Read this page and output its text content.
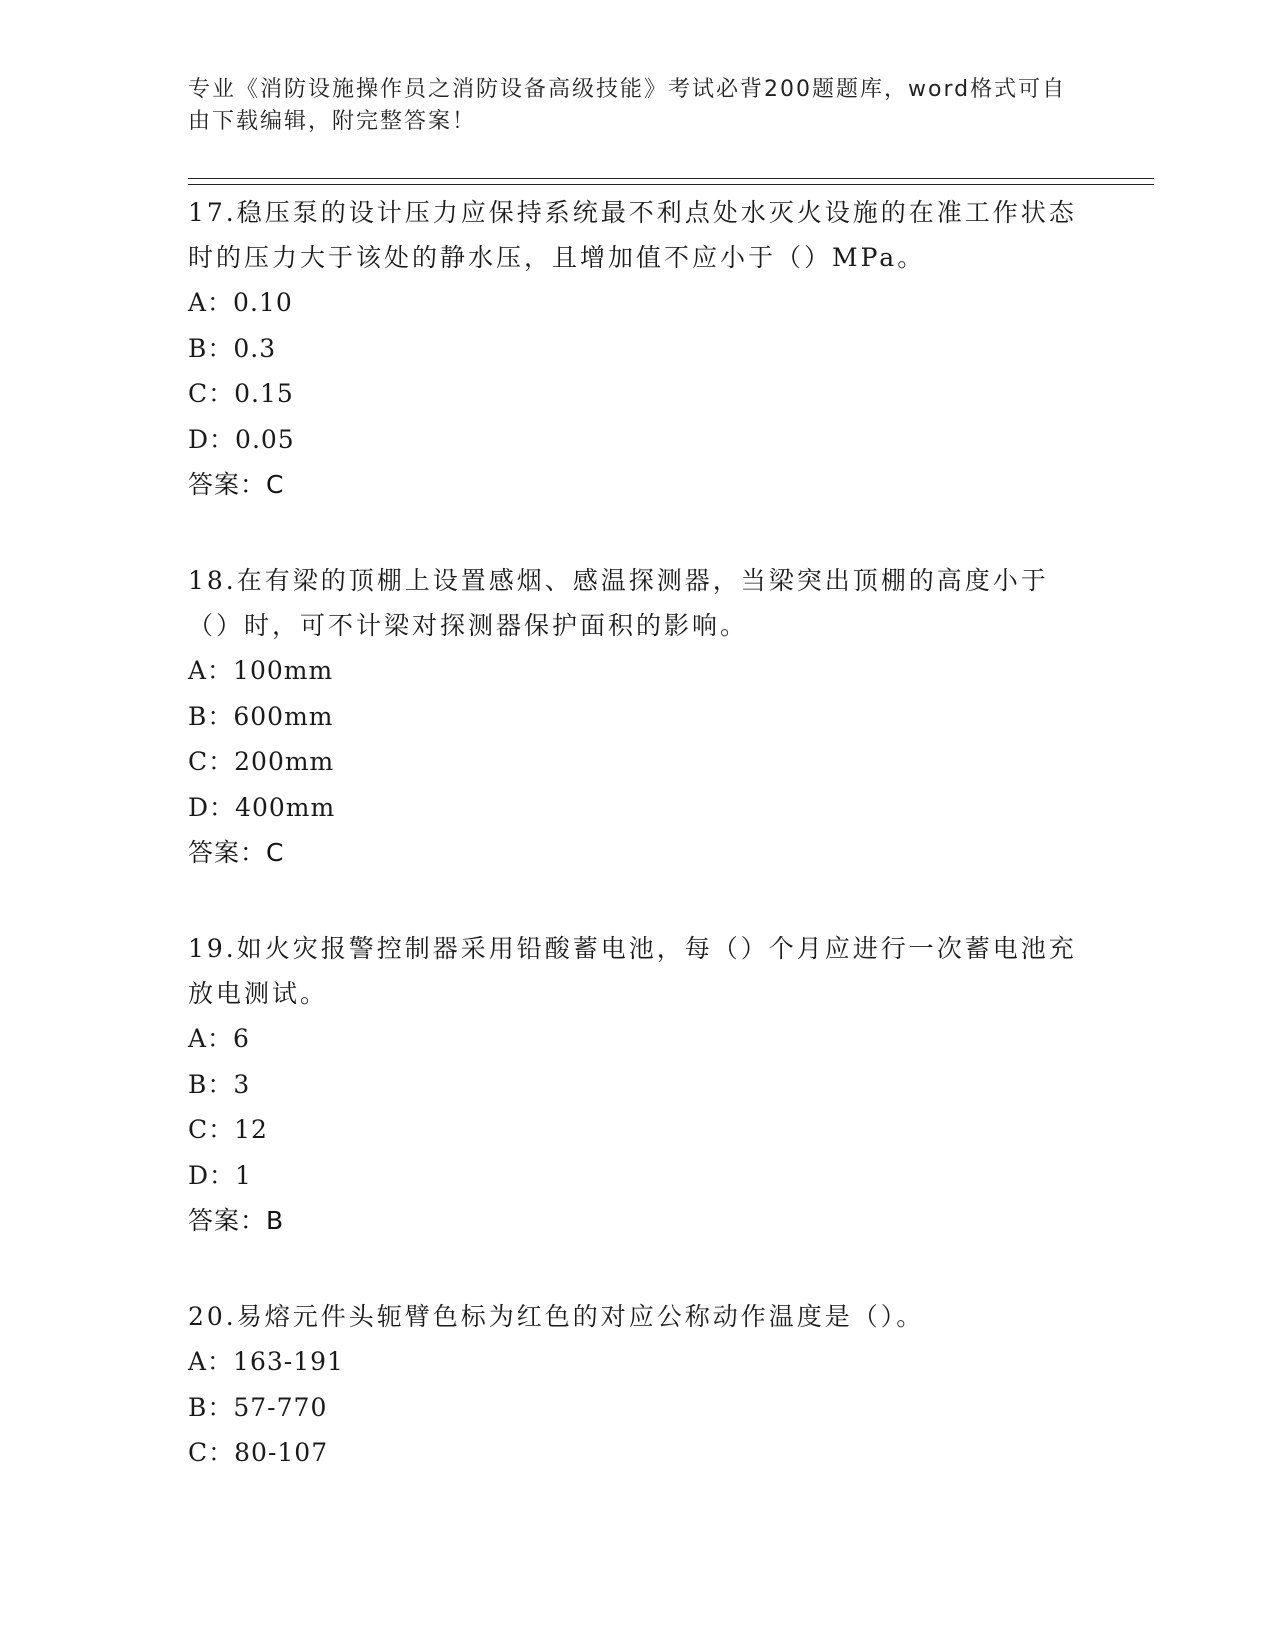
专业《消防设施操作员之消防设备高级技能》考试必背200题题库，word格式可自由下载编辑，附完整答案！

17.稳压泵的设计压力应保持系统最不利点处水灭火设施的在准工作状态时的压力大于该处的静水压，且增加值不应小于（）MPa。

A：0.10
B：0.3
C：0.15
D：0.05
答案：C

18.在有梁的顶棚上设置感烟、感温探测器，当梁突出顶棚的高度小于（）时，可不计梁对探测器保护面积的影响。

A：100mm
B：600mm
C：200mm
D：400mm
答案：C

19.如火灾报警控制器采用铅酸蓄电池，每（）个月应进行一次蓄电池充放电测试。

A：6
B：3
C：12
D：1
答案：B

20.易熔元件头轭臂色标为红色的对应公称动作温度是（）。

A：163-191
B：57-770
C：80-107
